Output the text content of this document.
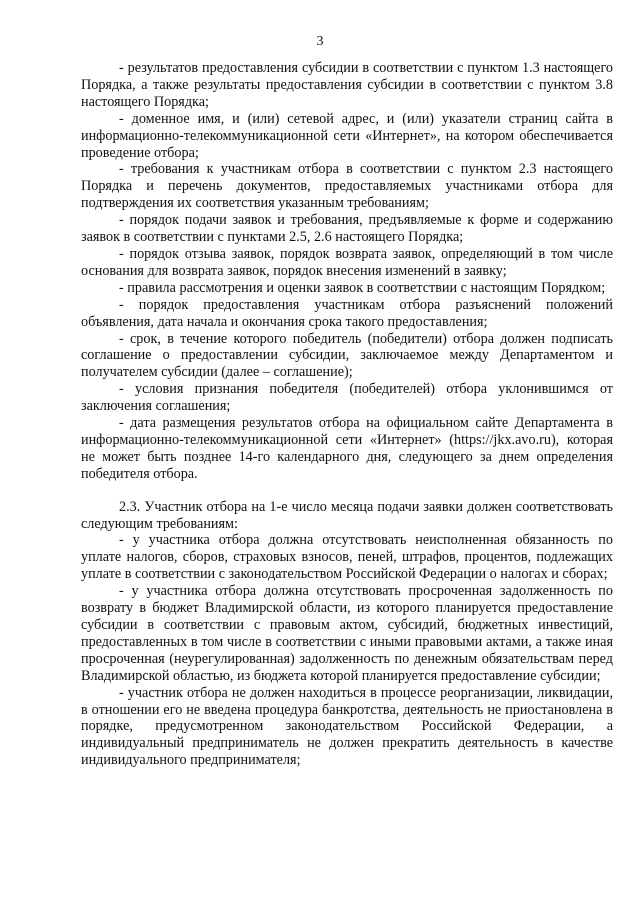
3

- результатов предоставления субсидии в соответствии с пунктом 1.3 настоящего Порядка, а также результаты предоставления субсидии в соответствии с пунктом 3.8 настоящего Порядка;

- доменное имя, и (или) сетевой адрес, и (или) указатели страниц сайта в информационно-телекоммуникационной сети «Интернет», на котором обеспечивается проведение отбора;

- требования к участникам отбора в соответствии с пунктом 2.3 настоящего Порядка и перечень документов, предоставляемых участниками отбора для подтверждения их соответствия указанным требованиям;

- порядок подачи заявок и требования, предъявляемые к форме и содержанию заявок в соответствии с пунктами 2.5, 2.6 настоящего Порядка;

- порядок отзыва заявок, порядок возврата заявок, определяющий в том числе основания для возврата заявок, порядок внесения изменений в заявку;

- правила рассмотрения и оценки заявок в соответствии с настоящим Порядком;

- порядок предоставления участникам отбора разъяснений положений объявления, дата начала и окончания срока такого предоставления;

- срок, в течение которого победитель (победители) отбора должен подписать соглашение о предоставлении субсидии, заключаемое между Департаментом и получателем субсидии (далее – соглашение);

- условия признания победителя (победителей) отбора уклонившимся от заключения соглашения;

- дата размещения результатов отбора на официальном сайте Департамента в информационно-телекоммуникационной сети «Интернет» (https://jkx.avo.ru), которая не может быть позднее 14-го календарного дня, следующего за днем определения победителя отбора.

2.3. Участник отбора на 1-е число месяца подачи заявки должен соответствовать следующим требованиям:

- у участника отбора должна отсутствовать неисполненная обязанность по уплате налогов, сборов, страховых взносов, пеней, штрафов, процентов, подлежащих уплате в соответствии с законодательством Российской Федерации о налогах и сборах;

- у участника отбора должна отсутствовать просроченная задолженность по возврату в бюджет Владимирской области, из которого планируется предоставление субсидии в соответствии с правовым актом, субсидий, бюджетных инвестиций, предоставленных в том числе в соответствии с иными правовыми актами, а также иная просроченная (неурегулированная) задолженность по денежным обязательствам перед Владимирской областью, из бюджета которой планируется предоставление субсидии;

- участник отбора не должен находиться в процессе реорганизации, ликвидации, в отношении его не введена процедура банкротства, деятельность не приостановлена в порядке, предусмотренном законодательством Российской Федерации, а индивидуальный предприниматель не должен прекратить деятельность в качестве индивидуального предпринимателя;
